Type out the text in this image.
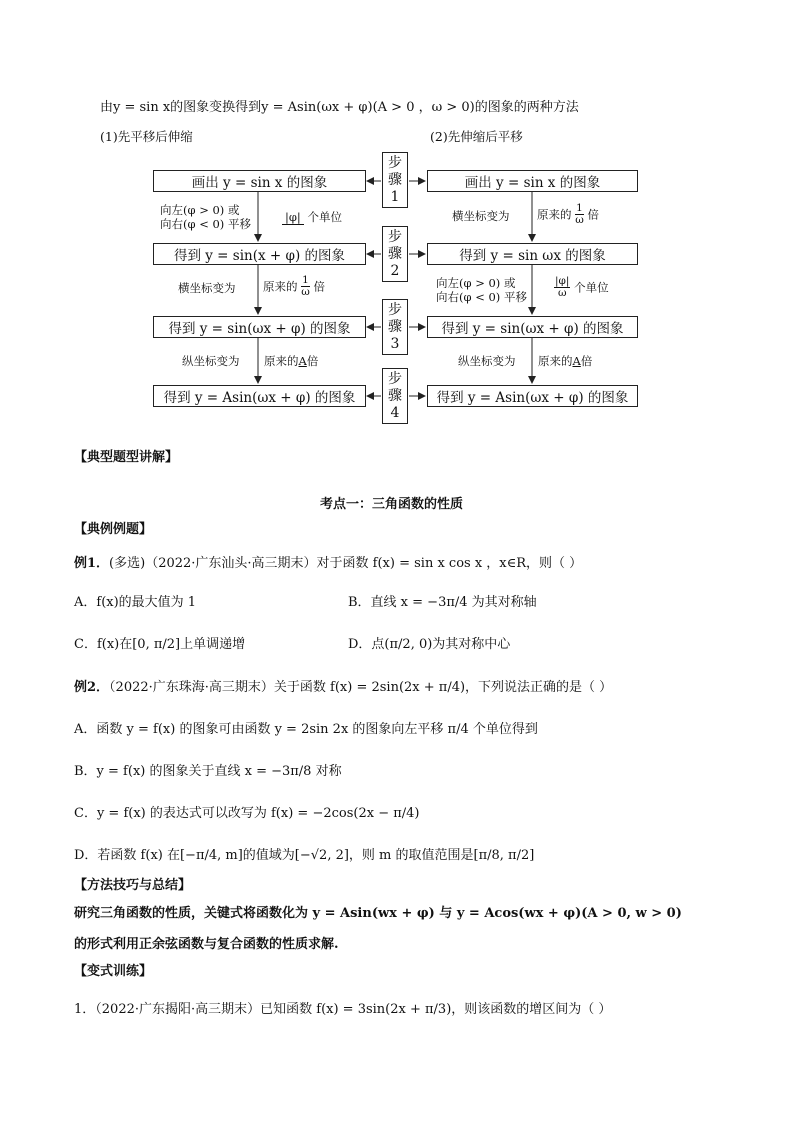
由y = sin x的图象变换得到y = Asin(ωx + φ)(A > 0 ，ω > 0)的图象的两种方法
(1)先平移后伸缩	(2)先伸缩后平移
步
骤
1
步
骤
2
步
骤
3
步
骤
4
画出 y = sin x 的图象
得到 y = sin(x + φ) 的图象
得到 y = sin(ωx + φ) 的图象
得到 y = Asin(ωx + φ) 的图象
画出 y = sin x 的图象
得到 y = sin ωx 的图象
得到 y = sin(ωx + φ) 的图象
得到 y = Asin(ωx + φ) 的图象
向左(φ > 0) 或
向右(φ < 0) 平移	|φ| 个单位
横坐标变为 原来的 $\frac{1}{\omega}$ 倍
纵坐标变为 原来的A倍
横坐标变为 原来的 $\frac{1}{\omega}$ 倍
向左(φ > 0) 或
向右(φ < 0) 平移	$\frac{|\varphi|}{\omega}$ 个单位
纵坐标变为 原来的A倍
【典型题型讲解】
考点一：三角函数的性质
【典例例题】
例1．(多选)（2022·广东汕头·高三期末）对于函数 f(x) = sin x cos x ，x∈R，则（ ）
A．f(x)的最大值为 1	B．直线 x = −3π/4 为其对称轴
C．f(x)在[0, π/2]上单调递增	D．点(π/2, 0)为其对称中心
例2．（2022·广东珠海·高三期末）关于函数 f(x) = 2sin(2x + π/4)，下列说法正确的是（ ）
A．函数 y = f(x) 的图象可由函数 y = 2sin 2x 的图象向左平移 π/4 个单位得到
B．y = f(x) 的图象关于直线 x = −3π/8 对称
C．y = f(x) 的表达式可以改写为 f(x) = −2cos(2x − π/4)
D．若函数 f(x) 在[−π/4, m]的值域为[−√2, 2]，则 m 的取值范围是[π/8, π/2]
【方法技巧与总结】
研究三角函数的性质，关键式将函数化为 y = Asin(wx + φ) 与 y = Acos(wx + φ)(A > 0, w > 0)
的形式利用正余弦函数与复合函数的性质求解.
【变式训练】
1．（2022·广东揭阳·高三期末）已知函数 f(x) = 3sin(2x + π/3)，则该函数的增区间为（ ）
